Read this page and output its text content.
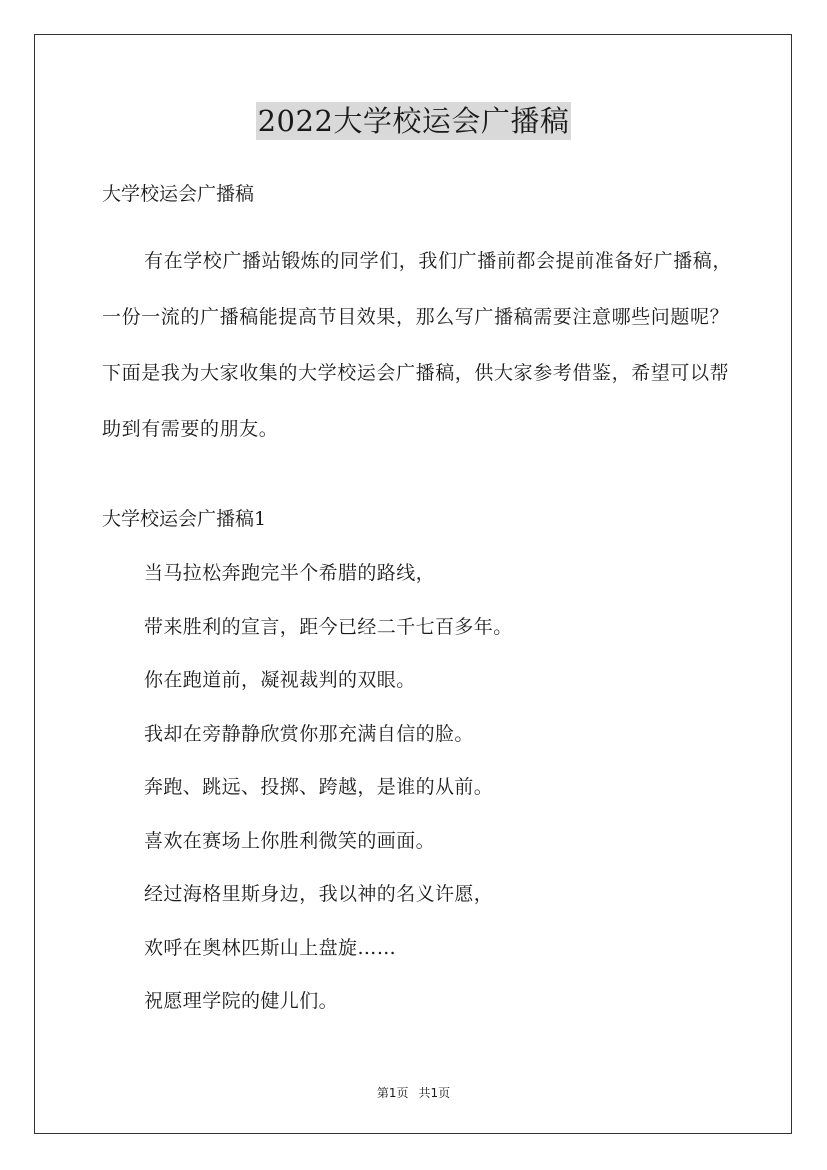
2022大学校运会广播稿
大学校运会广播稿

有在学校广播站锻炼的同学们，我们广播前都会提前准备好广播稿，一份一流的广播稿能提高节目效果，那么写广播稿需要注意哪些问题呢？下面是我为大家收集的大学校运会广播稿，供大家参考借鉴，希望可以帮助到有需要的朋友。

大学校运会广播稿1
当马拉松奔跑完半个希腊的路线，
带来胜利的宣言，距今已经二千七百多年。
你在跑道前，凝视裁判的双眼。
我却在旁静静欣赏你那充满自信的脸。
奔跑、跳远、投掷、跨越，是谁的从前。
喜欢在赛场上你胜利微笑的画面。
经过海格里斯身边，我以神的名义许愿，
欢呼在奥林匹斯山上盘旋……
祝愿理学院的健儿们。
第1页 共1页
